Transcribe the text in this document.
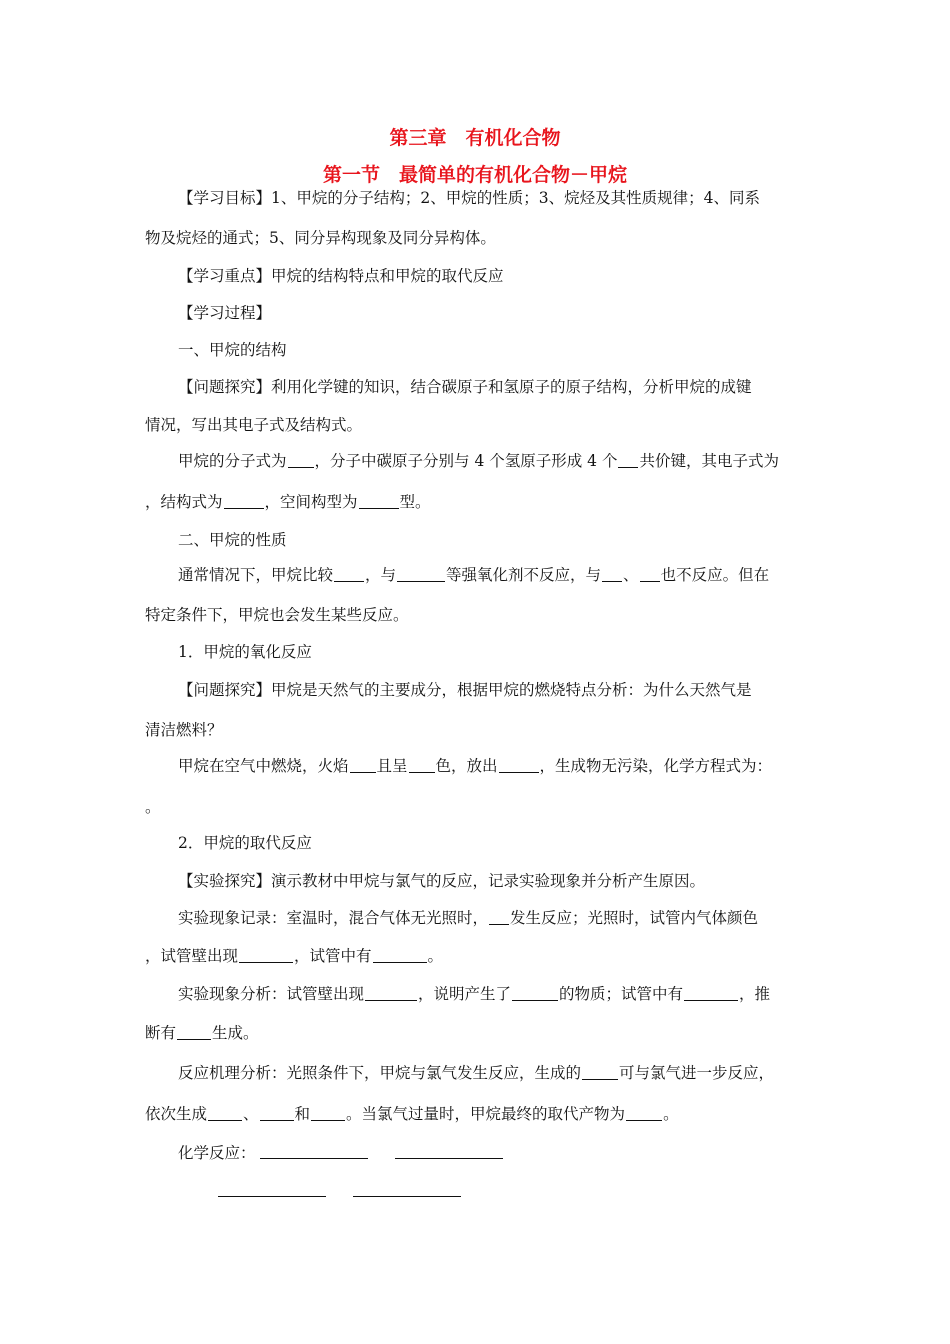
第三章　有机化合物
第一节　最简单的有机化合物－甲烷
【学习目标】1、甲烷的分子结构；2、甲烷的性质；3、烷烃及其性质规律；4、同系
物及烷烃的通式；5、同分异构现象及同分异构体。
【学习重点】甲烷的结构特点和甲烷的取代反应
【学习过程】
一、甲烷的结构
【问题探究】利用化学键的知识，结合碳原子和氢原子的原子结构，分析甲烷的成键
情况，写出其电子式及结构式。
甲烷的分子式为 ，分子中碳原子分别与 4 个氢原子形成 4 个 共价键，其电子式为
，结构式为	，空间构型为	型。
二、甲烷的性质
通常情况下，甲烷比较 ，与	等强氧化剂不反应，与 、 也不反应。但在
特定条件下，甲烷也会发生某些反应。
1．甲烷的氧化反应
【问题探究】甲烷是天然气的主要成分，根据甲烷的燃烧特点分析：为什么天然气是
清洁燃料？
甲烷在空气中燃烧，火焰 且呈 色，放出	，生成物无污染，化学方程式为：
。
2．甲烷的取代反应
【实验探究】演示教材中甲烷与氯气的反应，记录实验现象并分析产生原因。
实验现象记录：室温时，混合气体无光照时， 发生反应；光照时，试管内气体颜色
，试管壁出现	，试管中有	。
实验现象分析：试管壁出现	，说明产生了	的物质；试管中有	，推
断有 生成。
反应机理分析：光照条件下，甲烷与氯气发生反应，生成的 可与氯气进一步反应，
依次生成 、 和 。当氯气过量时，甲烷最终的取代产物为 。
化学反应：
